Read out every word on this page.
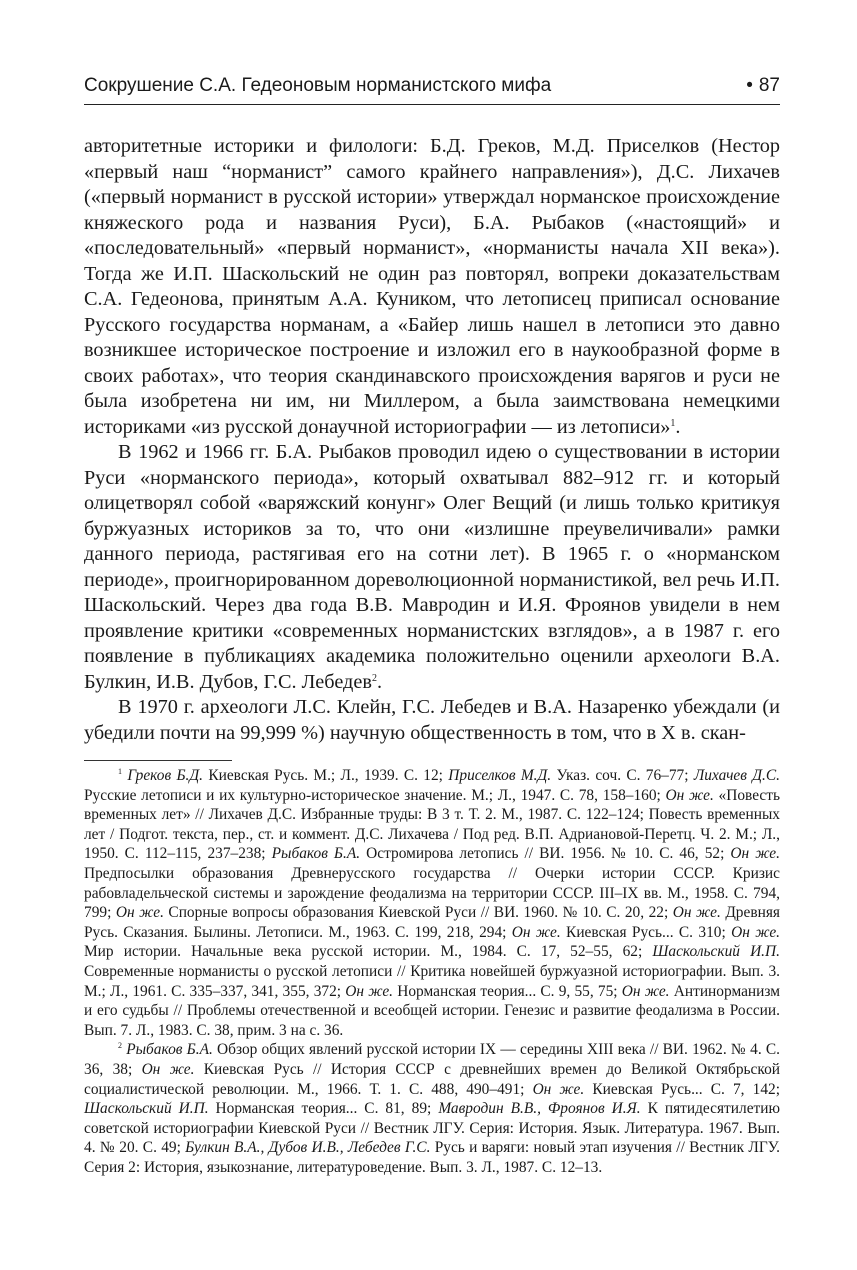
Сокрушение С.А. Гедеоновым норманистского мифа	• 87

авторитетные историки и филологи: Б.Д. Греков, М.Д. Приселков (Нестор «первый наш “норманист” самого крайнего направления»), Д.С. Лихачев («первый норманист в русской истории» утверждал норманское происхождение княжеского рода и названия Руси), Б.А. Рыбаков («настоящий» и «последовательный» «первый норманист», «норманисты начала XII века»). Тогда же И.П. Шаскольский не один раз повторял, вопреки доказательствам С.А. Гедеонова, принятым А.А. Куником, что летописец приписал основание Русского государства норманам, а «Байер лишь нашел в летописи это давно возникшее историческое построение и изложил его в наукообразной форме в своих работах», что теория скандинавского происхождения варягов и руси не была изобретена ни им, ни Миллером, а была заимствована немецкими историками «из русской донаучной историографии — из летописи»$^1$.

В 1962 и 1966 гг. Б.А. Рыбаков проводил идею о существовании в истории Руси «норманского периода», который охватывал 882–912 гг. и который олицетворял собой «варяжский конунг» Олег Вещий (и лишь только критикуя буржуазных историков за то, что они «излишне преувеличивали» рамки данного периода, растягивая его на сотни лет). В 1965 г. о «норманском периоде», проигнорированном дореволюционной норманистикой, вел речь И.П. Шаскольский. Через два года В.В. Мавродин и И.Я. Фроянов увидели в нем проявление критики «современных норманистских взглядов», а в 1987 г. его появление в публикациях академика положительно оценили археологи В.А. Булкин, И.В. Дубов, Г.С. Лебедев$^2$.

В 1970 г. археологи Л.С. Клейн, Г.С. Лебедев и В.А. Назаренко убеждали (и убедили почти на 99,999 %) научную общественность в том, что в X в. скан-

$^1$ Греков Б.Д. Киевская Русь. М.; Л., 1939. С. 12; Приселков М.Д. Указ. соч. С. 76–77; Лихачев Д.С. Русские летописи и их культурно-историческое значение. М.; Л., 1947. С. 78, 158–160; Он же. «Повесть временных лет» // Лихачев Д.С. Избранные труды: В 3 т. Т. 2. М., 1987. С. 122–124; Повесть временных лет / Подгот. текста, пер., ст. и коммент. Д.С. Лихачева / Под ред. В.П. Адриановой-Перетц. Ч. 2. М.; Л., 1950. С. 112–115, 237–238; Рыбаков Б.А. Остромирова летопись // ВИ. 1956. № 10. С. 46, 52; Он же. Предпосылки образования Древнерусского государства // Очерки истории СССР. Кризис рабовладельческой системы и зарождение феодализма на территории СССР. III–IX вв. М., 1958. С. 794, 799; Он же. Спорные вопросы образования Киевской Руси // ВИ. 1960. № 10. С. 20, 22; Он же. Древняя Русь. Сказания. Былины. Летописи. М., 1963. С. 199, 218, 294; Он же. Киевская Русь... С. 310; Он же. Мир истории. Начальные века русской истории. М., 1984. С. 17, 52–55, 62; Шаскольский И.П. Современные норманисты о русской летописи // Критика новейшей буржуазной историографии. Вып. 3. М.; Л., 1961. С. 335–337, 341, 355, 372; Он же. Норманская теория... С. 9, 55, 75; Он же. Антинорманизм и его судьбы // Проблемы отечественной и всеобщей истории. Генезис и развитие феодализма в России. Вып. 7. Л., 1983. С. 38, прим. 3 на с. 36.

$^2$ Рыбаков Б.А. Обзор общих явлений русской истории IX — середины XIII века // ВИ. 1962. № 4. С. 36, 38; Он же. Киевская Русь // История СССР с древнейших времен до Великой Октябрьской социалистической революции. М., 1966. Т. 1. С. 488, 490–491; Он же. Киевская Русь... С. 7, 142; Шаскольский И.П. Норманская теория... С. 81, 89; Мавродин В.В., Фроянов И.Я. К пятидесятилетию советской историографии Киевской Руси // Вестник ЛГУ. Серия: История. Язык. Литература. 1967. Вып. 4. № 20. С. 49; Булкин В.А., Дубов И.В., Лебедев Г.С. Русь и варяги: новый этап изучения // Вестник ЛГУ. Серия 2: История, языкознание, литературоведение. Вып. 3. Л., 1987. С. 12–13.
